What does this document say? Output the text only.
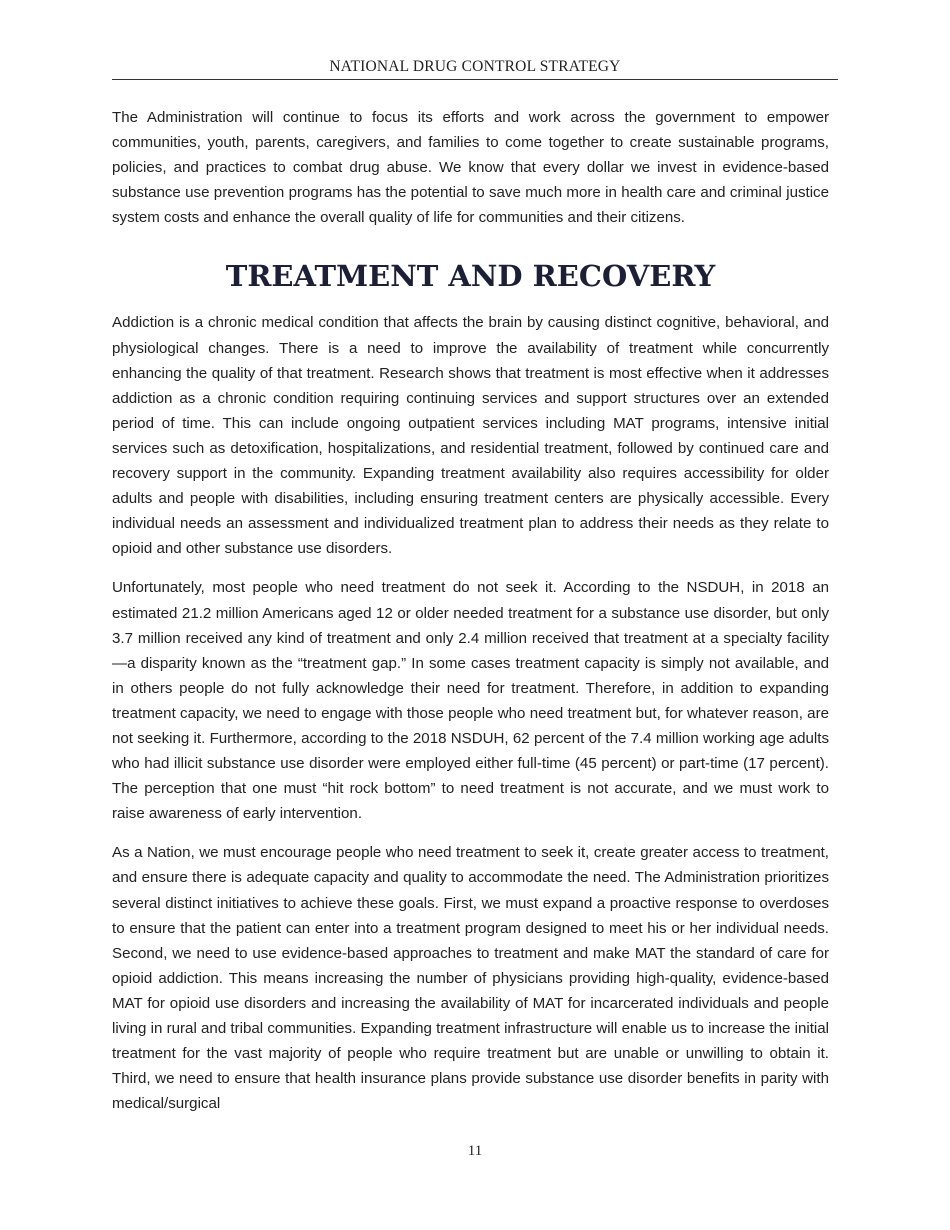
NATIONAL DRUG CONTROL STRATEGY

The Administration will continue to focus its efforts and work across the government to empower communities, youth, parents, caregivers, and families to come together to create sustainable programs, policies, and practices to combat drug abuse. We know that every dollar we invest in evidence-based substance use prevention programs has the potential to save much more in health care and criminal justice system costs and enhance the overall quality of life for communities and their citizens.

TREATMENT AND RECOVERY

Addiction is a chronic medical condition that affects the brain by causing distinct cognitive, behavioral, and physiological changes. There is a need to improve the availability of treatment while concurrently enhancing the quality of that treatment. Research shows that treatment is most effective when it addresses addiction as a chronic condition requiring continuing services and support structures over an extended period of time. This can include ongoing outpatient services including MAT programs, intensive initial services such as detoxification, hospitalizations, and residential treatment, followed by continued care and recovery support in the community. Expanding treatment availability also requires accessibility for older adults and people with disabilities, including ensuring treatment centers are physically accessible. Every individual needs an assessment and individualized treatment plan to address their needs as they relate to opioid and other substance use disorders.

Unfortunately, most people who need treatment do not seek it. According to the NSDUH, in 2018 an estimated 21.2 million Americans aged 12 or older needed treatment for a substance use disorder, but only 3.7 million received any kind of treatment and only 2.4 million received that treatment at a specialty facility—a disparity known as the “treatment gap.” In some cases treatment capacity is simply not available, and in others people do not fully acknowledge their need for treatment. Therefore, in addition to expanding treatment capacity, we need to engage with those people who need treatment but, for whatever reason, are not seeking it. Furthermore, according to the 2018 NSDUH, 62 percent of the 7.4 million working age adults who had illicit substance use disorder were employed either full-time (45 percent) or part-time (17 percent). The perception that one must “hit rock bottom” to need treatment is not accurate, and we must work to raise awareness of early intervention.

As a Nation, we must encourage people who need treatment to seek it, create greater access to treatment, and ensure there is adequate capacity and quality to accommodate the need. The Administration prioritizes several distinct initiatives to achieve these goals. First, we must expand a proactive response to overdoses to ensure that the patient can enter into a treatment program designed to meet his or her individual needs. Second, we need to use evidence-based approaches to treatment and make MAT the standard of care for opioid addiction. This means increasing the number of physicians providing high-quality, evidence-based MAT for opioid use disorders and increasing the availability of MAT for incarcerated individuals and people living in rural and tribal communities. Expanding treatment infrastructure will enable us to increase the initial treatment for the vast majority of people who require treatment but are unable or unwilling to obtain it. Third, we need to ensure that health insurance plans provide substance use disorder benefits in parity with medical/surgical

11
